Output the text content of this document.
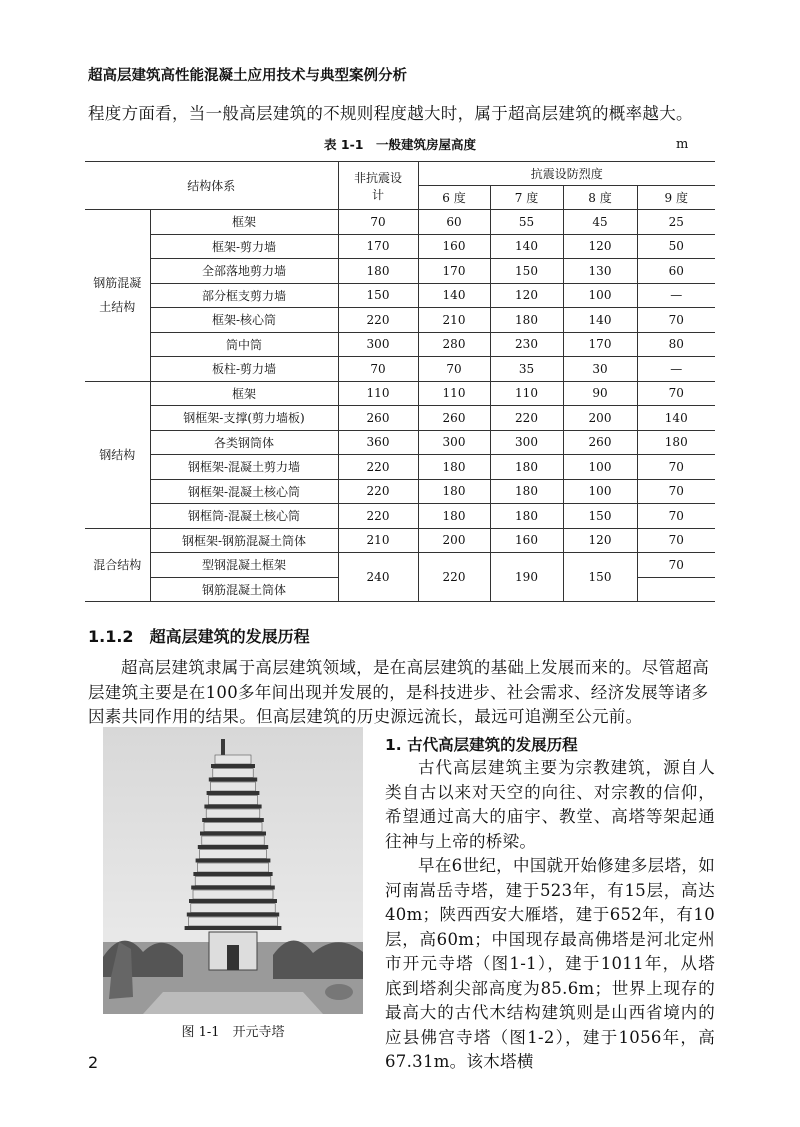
超高层建筑高性能混凝土应用技术与典型案例分析
程度方面看，当一般高层建筑的不规则程度越大时，属于超高层建筑的概率越大。
表 1-1　一般建筑房屋高度	m
结构体系		非抗震设计	抗震设防烈度			
			6 度	7 度	8 度	9 度
钢筋混凝土结构	框架	70	60	55	45	25
	框架-剪力墙	170	160	140	120	50
	全部落地剪力墙	180	170	150	130	60
	部分框支剪力墙	150	140	120	100	—
	框架-核心筒	220	210	180	140	70
	筒中筒	300	280	230	170	80
	板柱-剪力墙	70	70	35	30	—
钢结构	框架	110	110	110	90	70
	钢框架-支撑(剪力墙板)	260	260	220	200	140
	各类钢筒体	360	300	300	260	180
	钢框架-混凝土剪力墙	220	180	180	100	70
	钢框架-混凝土核心筒	220	180	180	100	70
	钢框筒-混凝土核心筒	220	180	180	150	70
混合结构	钢框架-钢筋混凝土筒体	210	200	160	120	70
	型钢混凝土框架	240	220	190	150	70
	钢筋混凝土筒体					
1.1.2　 超高层建筑的发展历程

超高层建筑隶属于高层建筑领域，是在高层建筑的基础上发展而来的。尽管超高层建筑主要是在100多年间出现并发展的，是科技进步、社会需求、经济发展等诸多因素共同作用的结果。但高层建筑的历史源远流长，最远可追溯至公元前。

1. 古代高层建筑的发展历程

古代高层建筑主要为宗教建筑，源自人类自古以来对天空的向往、对宗教的信仰，希望通过高大的庙宇、教堂、高塔等架起通往神与上帝的桥梁。

早在6世纪，中国就开始修建多层塔，如河南嵩岳寺塔，建于523年，有15层，高达40m；陕西西安大雁塔，建于652年，有10层，高60m；中国现存最高佛塔是河北定州市开元寺塔（图1-1），建于1011年，从塔底到塔刹尖部高度为85.6m；世界上现存的最高大的古代木结构建筑则是山西省境内的应县佛宫寺塔（图1-2），建于1056年，高67.31m。该木塔横

图 1-1　开元寺塔
2
